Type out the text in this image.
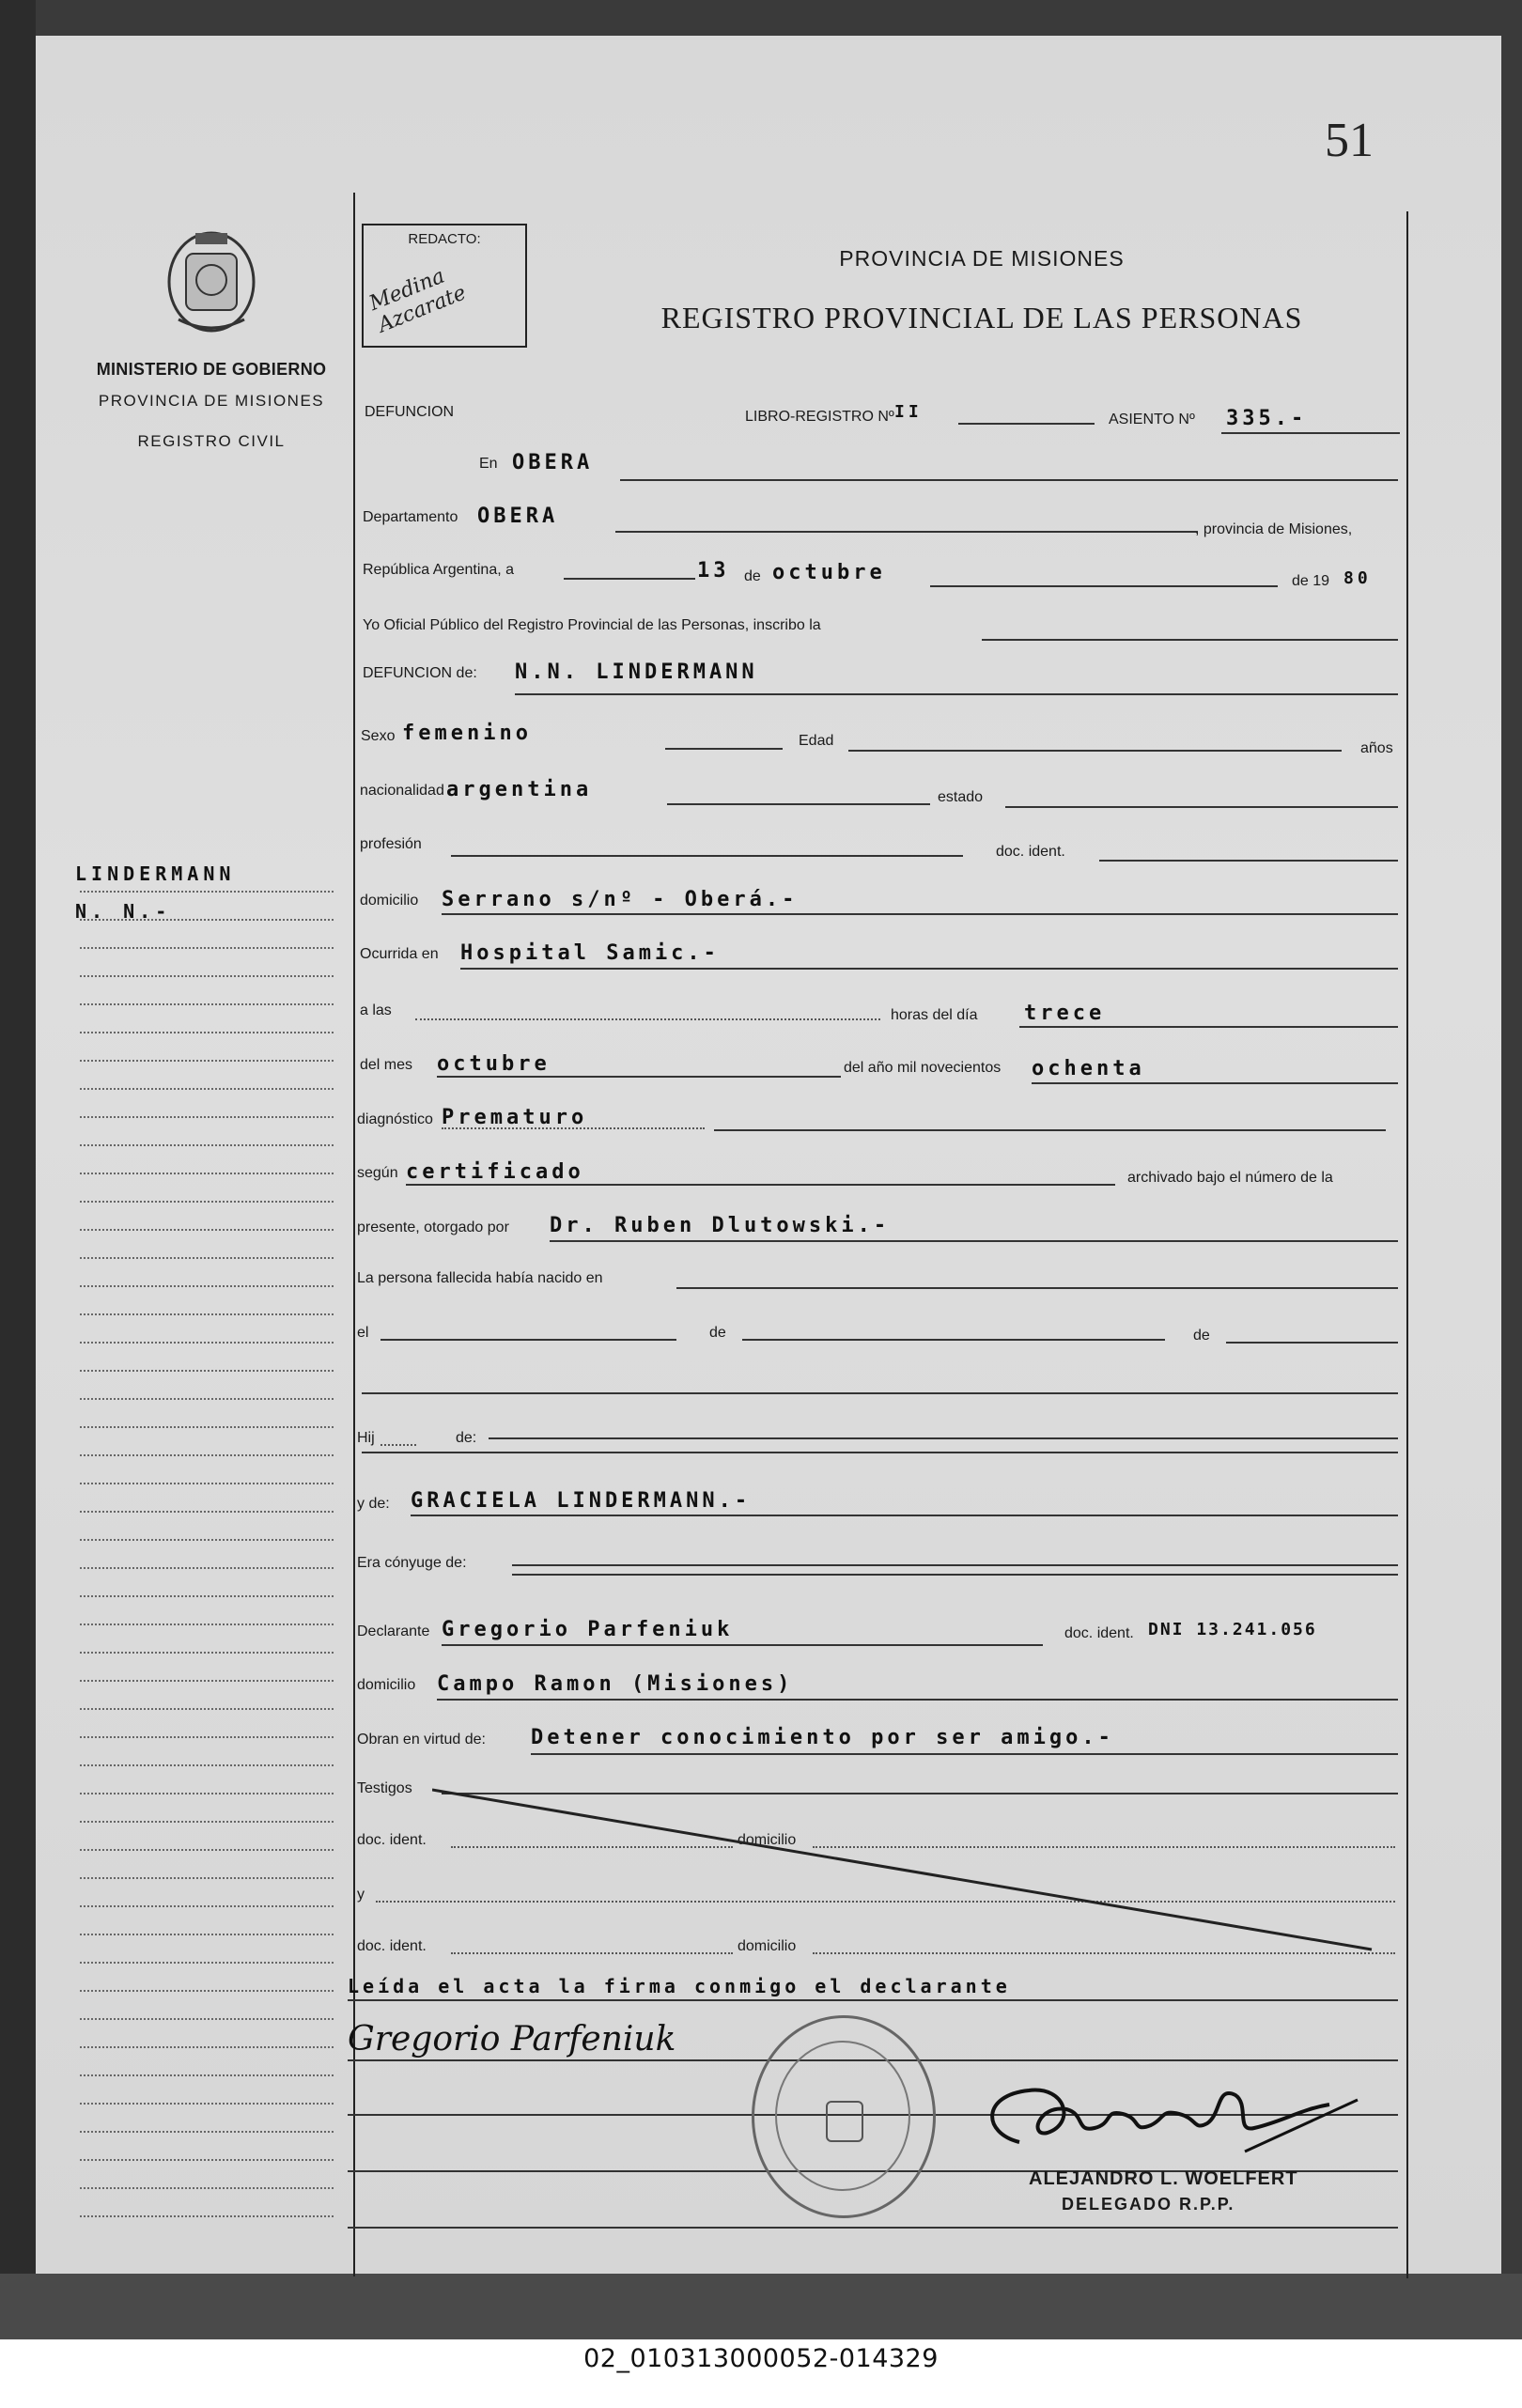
51
MINISTERIO DE GOBIERNO
PROVINCIA DE MISIONES
REGISTRO CIVIL
LINDERMANN
N. N.-
REDACTO:
Medina Azcarate
PROVINCIA DE MISIONES
REGISTRO PROVINCIAL DE LAS PERSONAS
DEFUNCION	LIBRO-REGISTRO Nº II	ASIENTO Nº 335.-
En OBERA
Departamento OBERA
, provincia de Misiones,
República Argentina, a	13 de octubre	de 19 80
Yo Oficial Público del Registro Provincial de las Personas, inscribo la
DEFUNCION de: N.N. LINDERMANN
Sexo femenino	Edad	años
nacionalidad argentina	estado
profesión	doc. ident.
domicilio Serrano s/nº - Oberá.-
Ocurrida en Hospital Samic.-
a las	horas del día trece
del mes octubre	del año mil novecientos ochenta
diagnóstico Prematuro
según certificado	archivado bajo el número de la
presente, otorgado por Dr. Ruben Dlutowski.-
La persona fallecida había nacido en
el	de	de
Hij	de:
y de: GRACIELA LINDERMANN.-
Era cónyuge de:
Declarante Gregorio Parfeniuk	doc. ident. DNI 13.241.056
domicilio Campo Ramon (Misiones)
Obran en virtud de: Detener conocimiento por ser amigo.-
Testigos
doc. ident.	domicilio
y
doc. ident.	domicilio
Leída el acta la firma conmigo el declarante
Gregorio Parfeniuk
ALEJANDRO L. WOELFERT
DELEGADO R.P.P.
02_010313000052-014329
